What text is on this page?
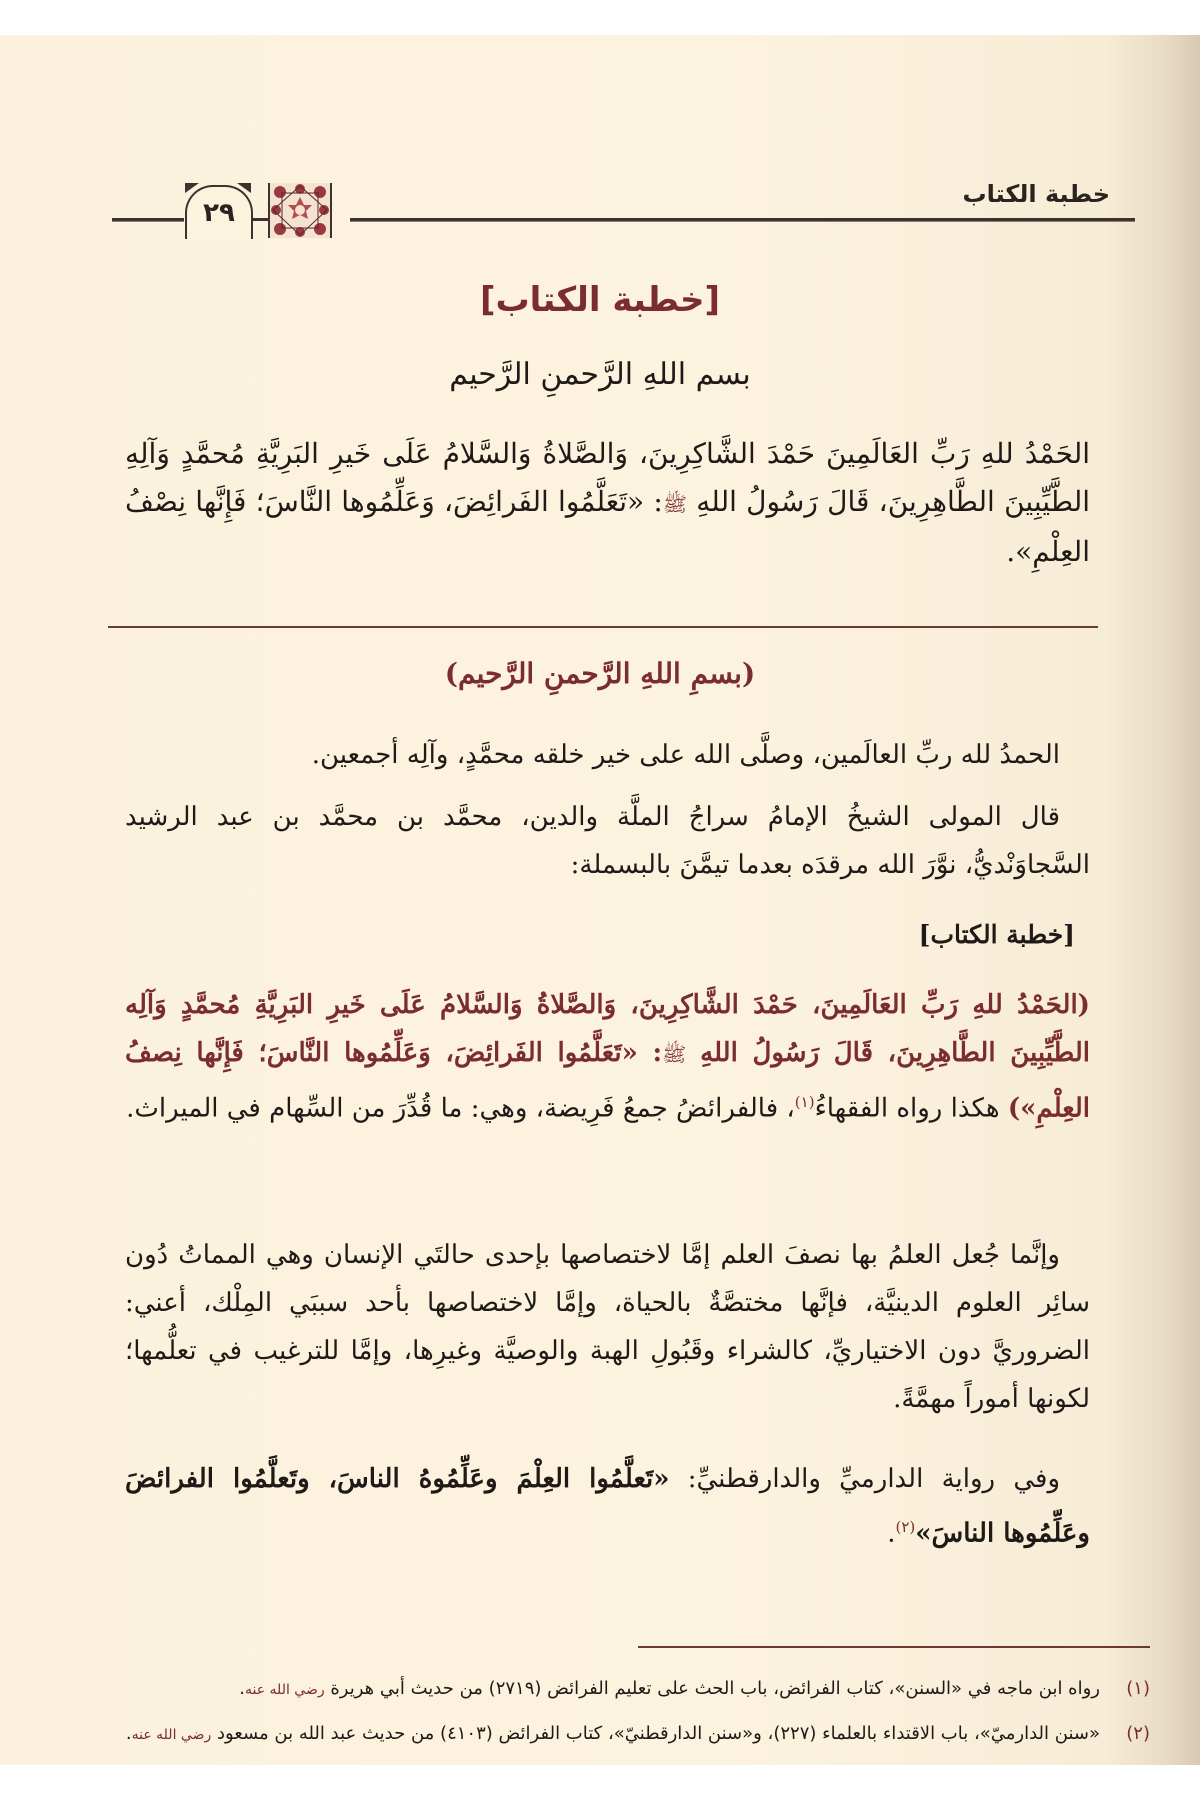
خطبة الكتاب
٢٩
[خطبة الكتاب]
بسم اللهِ الرَّحمنِ الرَّحيم
الحَمْدُ للهِ رَبِّ العَالَمِينَ حَمْدَ الشَّاكِرِينَ، وَالصَّلاةُ وَالسَّلامُ عَلَى خَيرِ البَرِيَّةِ مُحمَّدٍ وَآلِهِ الطَّيِّبِينَ الطَّاهِرِينَ، قَالَ رَسُولُ اللهِ ﷺ: «تَعَلَّمُوا الفَرائِضَ، وَعَلِّمُوها النَّاسَ؛ فَإِنَّها نِصْفُ العِلْمِ».
(بسمِ اللهِ الرَّحمنِ الرَّحيم)
الحمدُ لله ربِّ العالَمين، وصلَّى الله على خير خلقه محمَّدٍ، وآلِه أجمعين.
قال المولى الشيخُ الإمامُ سراجُ الملَّة والدين، محمَّد بن محمَّد بن عبد الرشيد السَّجاوَنْديُّ، نوَّرَ الله مرقدَه بعدما تيمَّنَ بالبسملة:
[خطبة الكتاب]
(الحَمْدُ للهِ رَبِّ العَالَمِينَ، حَمْدَ الشَّاكِرِينَ، وَالصَّلاةُ وَالسَّلامُ عَلَى خَيرِ البَرِيَّةِ مُحمَّدٍ وَآلِه الطَّيِّبِينَ الطَّاهِرِينَ، قَالَ رَسُولُ اللهِ ﷺ: «تَعَلَّمُوا الفَرائِضَ، وَعَلِّمُوها النَّاسَ؛ فَإِنَّها نِصفُ العِلْمِ») هكذا رواه الفقهاءُ$^{(١)}$، فالفرائضُ جمعُ فَرِيضة، وهي: ما قُدِّرَ من السِّهام في الميراث.
وإنَّما جُعل العلمُ بها نصفَ العلم إمَّا لاختصاصها بإحدى حالتَي الإنسان وهي المماتُ دُون سائِر العلوم الدينيَّة، فإنَّها مختصَّةٌ بالحياة، وإمَّا لاختصاصها بأحد سببَي المِلْك، أعني: الضروريَّ دون الاختياريِّ، كالشراء وقَبُولِ الهبة والوصيَّة وغيرِها، وإمَّا للترغيب في تعلُّمها؛ لكونها أموراً مهمَّةً.
وفي رواية الدارميِّ والدارقطنيِّ: «تَعلَّمُوا العِلْمَ وعَلِّمُوهُ الناسَ، وتَعلَّمُوا الفرائضَ وعَلِّمُوها الناسَ»$^{(٢)}$.
(١)
رواه ابن ماجه في «السنن»، كتاب الفرائض، باب الحث على تعليم الفرائض (٢٧١٩) من حديث أبي هريرة رضي الله عنه.
(٢)
«سنن الدارميّ»، باب الاقتداء بالعلماء (٢٢٧)، و«سنن الدارقطنيّ»، كتاب الفرائض (٤١٠٣) من حديث عبد الله بن مسعود رضي الله عنه.
